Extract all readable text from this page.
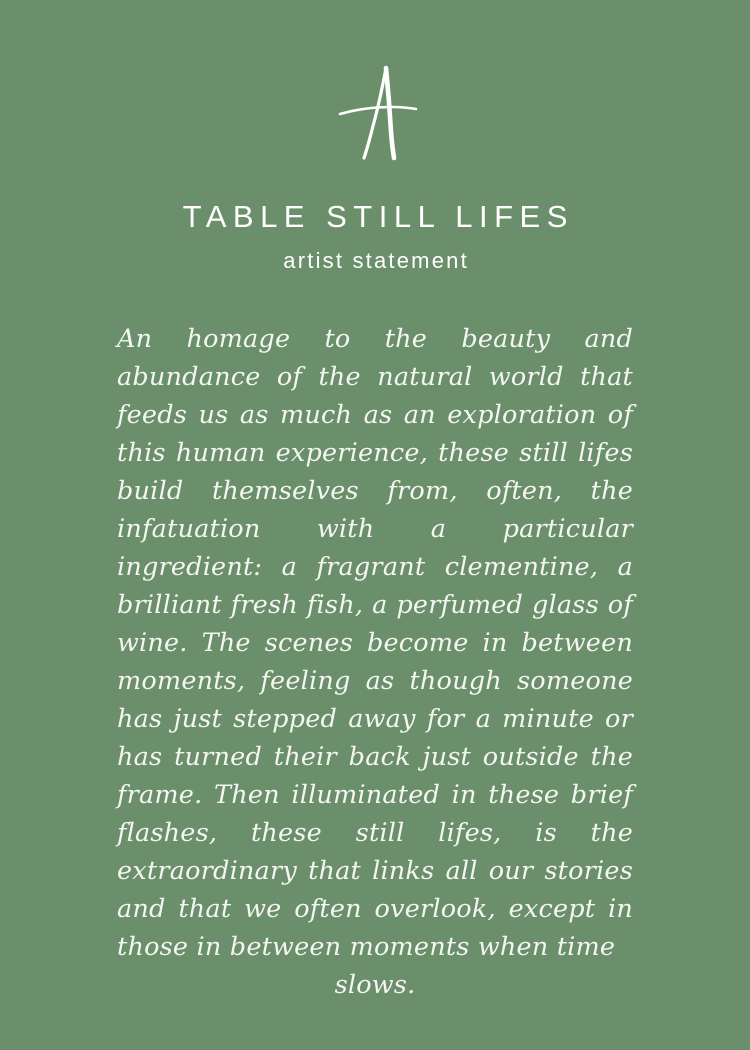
TABLE STILL LIFES
artist statement
An homage to the beauty and abundance of the natural world that feeds us as much as an exploration of this human experience, these still lifes build themselves from, often, the infatuation with a particular ingredient: a fragrant clementine, a brilliant fresh fish, a perfumed glass of wine. The scenes become in between moments, feeling as though someone has just stepped away for a minute or has turned their back just outside the frame. Then illuminated in these brief flashes, these still lifes, is the extraordinary that links all our stories and that we often overlook, except in those in between moments when time
slows.
